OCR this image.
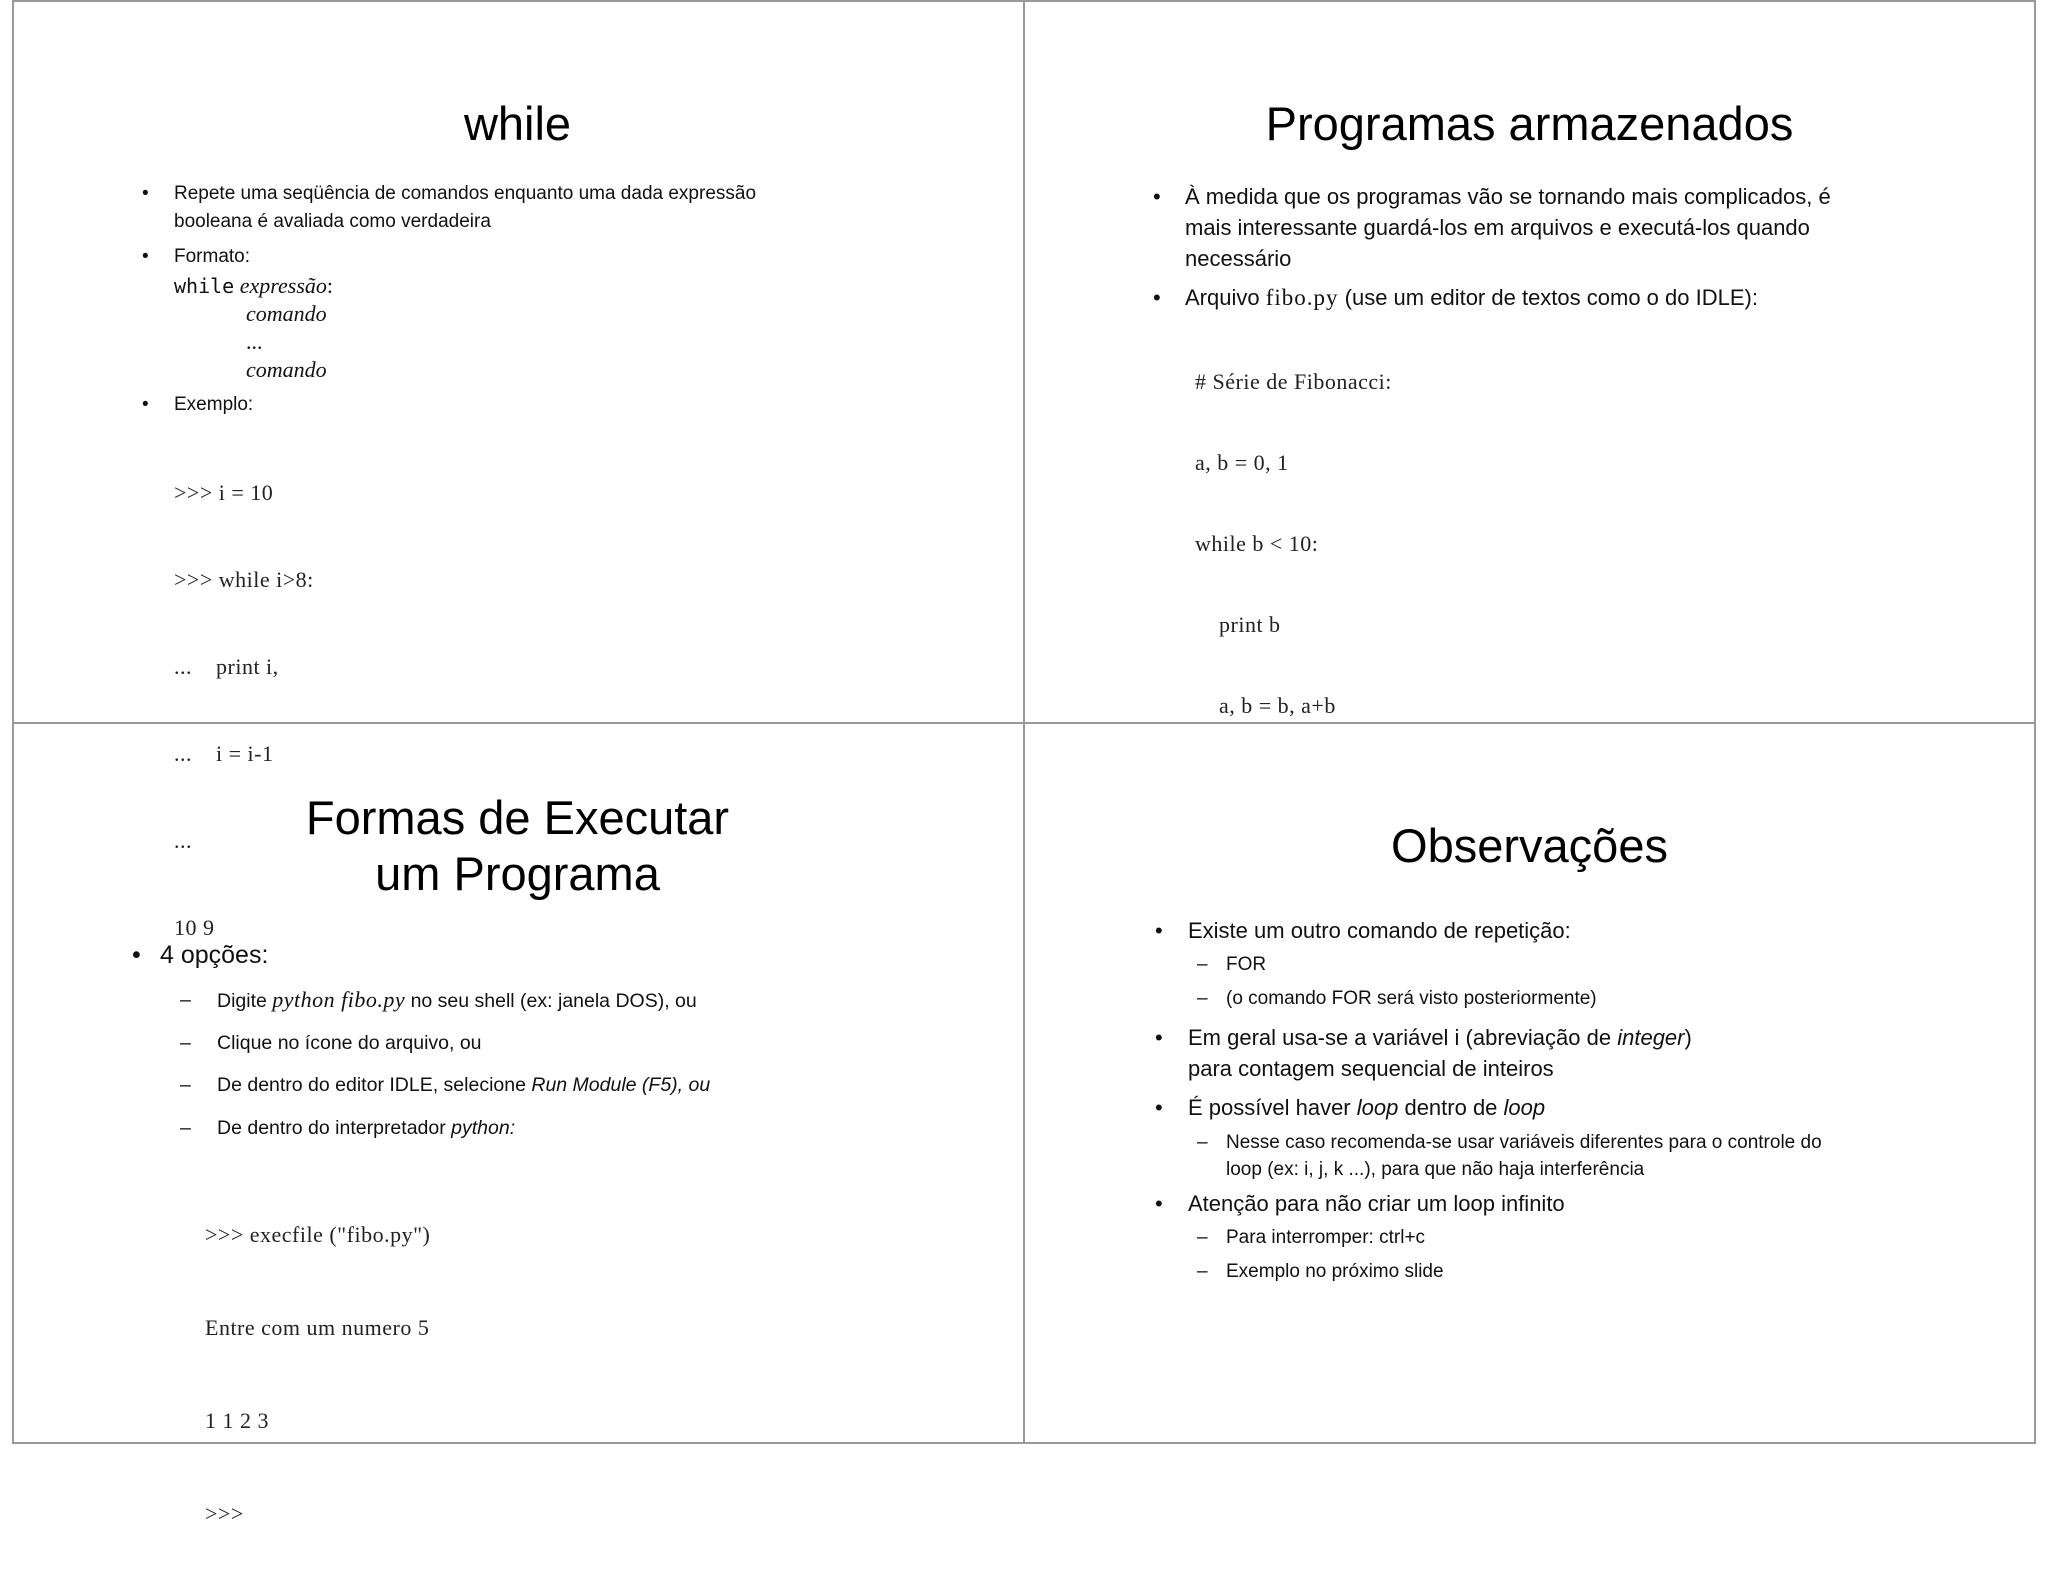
while
•	Repete uma seqüência de comandos enquanto uma dada expressão
booleana é avaliada como verdadeira
•	Formato:
while expressão:
comando
...
comando
•	Exemplo:

>>> i = 10

>>> while i>8:

...    print i,

...    i = i-1

...

10 9

Programas armazenados
•	À medida que os programas vão se tornando mais complicados, é
mais interessante guardá-los em arquivos e executá-los quando
necessário
•	Arquivo fibo.py (use um editor de textos como o do IDLE):

# Série de Fibonacci:

a, b = 0, 1

while b < 10:

print b

a, b = b, a+b

Formas de Executar
um Programa
• 4 opções:
– Digite python fibo.py no seu shell (ex: janela DOS), ou
– Clique no ícone do arquivo, ou
– De dentro do editor IDLE, selecione Run Module (F5), ou
– De dentro do interpretador python:

>>> execfile ("fibo.py")

Entre com um numero 5

1 1 2 3

>>>

Observações
•	Existe um outro comando de repetição:
– FOR
– (o comando FOR será visto posteriormente)
•	Em geral usa-se a variável i (abreviação de integer)
para contagem sequencial de inteiros
•	É possível haver loop dentro de loop
– Nesse caso recomenda-se usar variáveis diferentes para o controle do
loop (ex: i, j, k ...), para que não haja interferência
•	Atenção para não criar um loop infinito
– Para interromper: ctrl+c
– Exemplo no próximo slide
